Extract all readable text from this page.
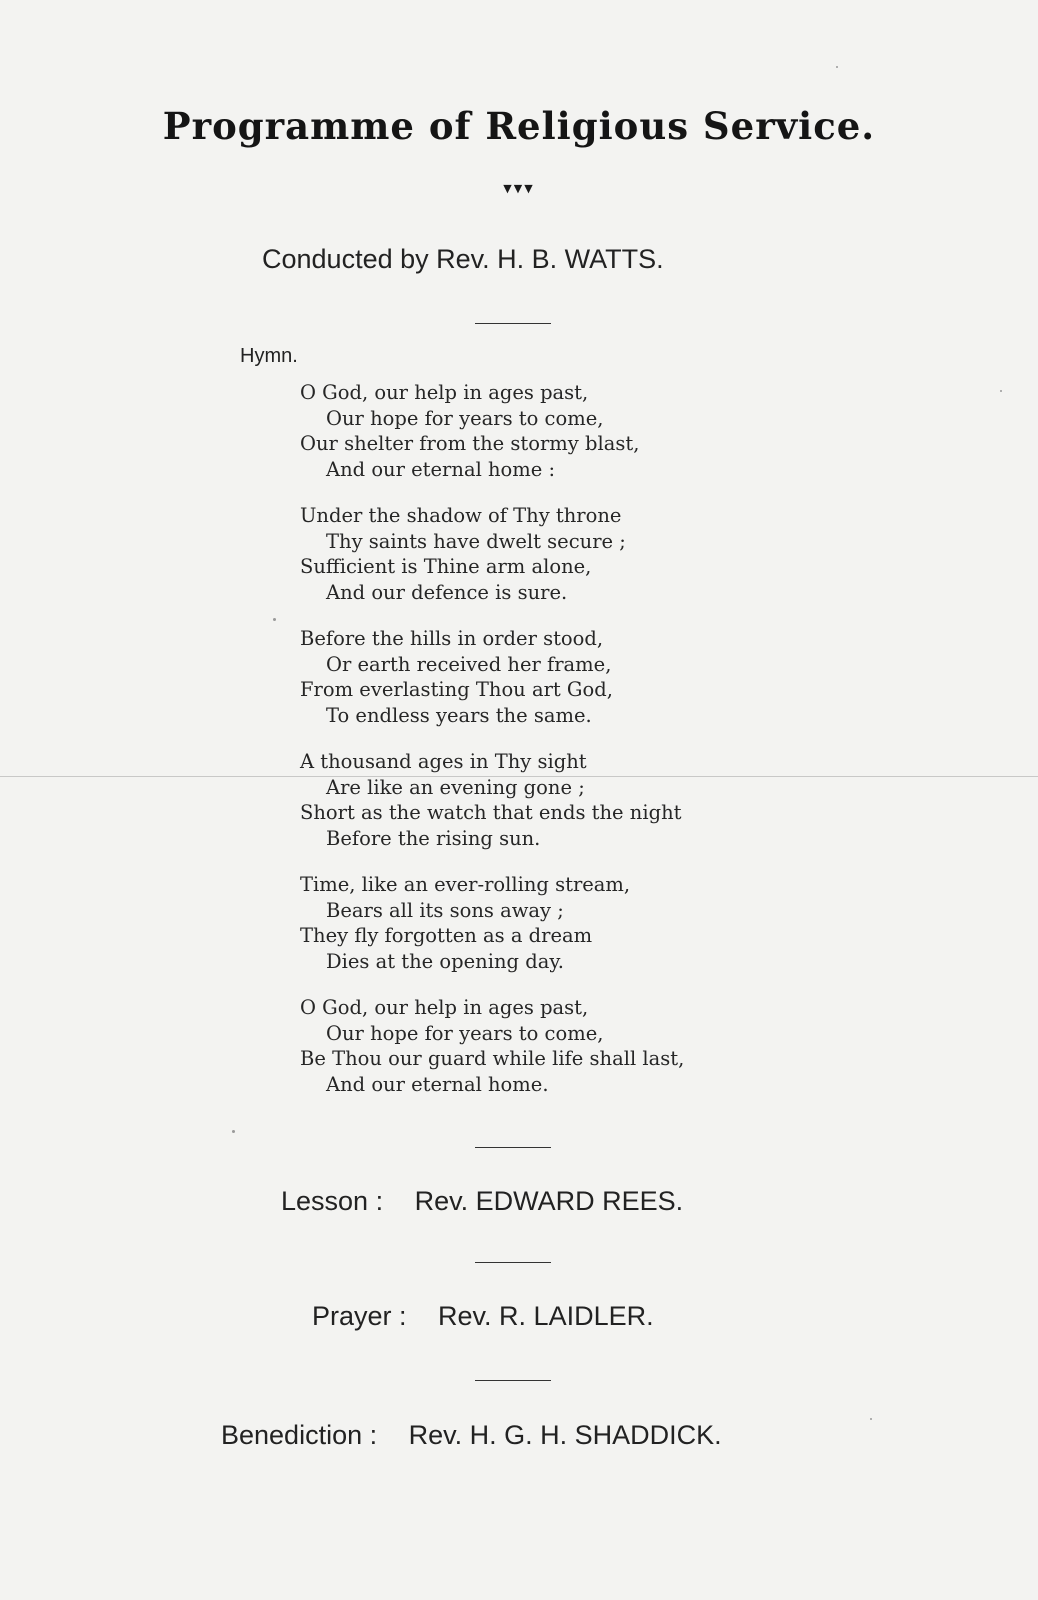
Programme of Religious Service.
▼▼▼
Conducted by Rev. H. B. WATTS.
Hymn.
O God, our help in ages past,
Our hope for years to come,
Our shelter from the stormy blast,
And our eternal home :
Under the shadow of Thy throne
Thy saints have dwelt secure ;
Sufficient is Thine arm alone,
And our defence is sure.
Before the hills in order stood,
Or earth received her frame,
From everlasting Thou art God,
To endless years the same.
A thousand ages in Thy sight
Are like an evening gone ;
Short as the watch that ends the night
Before the rising sun.
Time, like an ever-rolling stream,
Bears all its sons away ;
They fly forgotten as a dream
Dies at the opening day.
O God, our help in ages past,
Our hope for years to come,
Be Thou our guard while life shall last,
And our eternal home.
Lesson : Rev. EDWARD REES.
Prayer : Rev. R. LAIDLER.
Benediction : Rev. H. G. H. SHADDICK.
